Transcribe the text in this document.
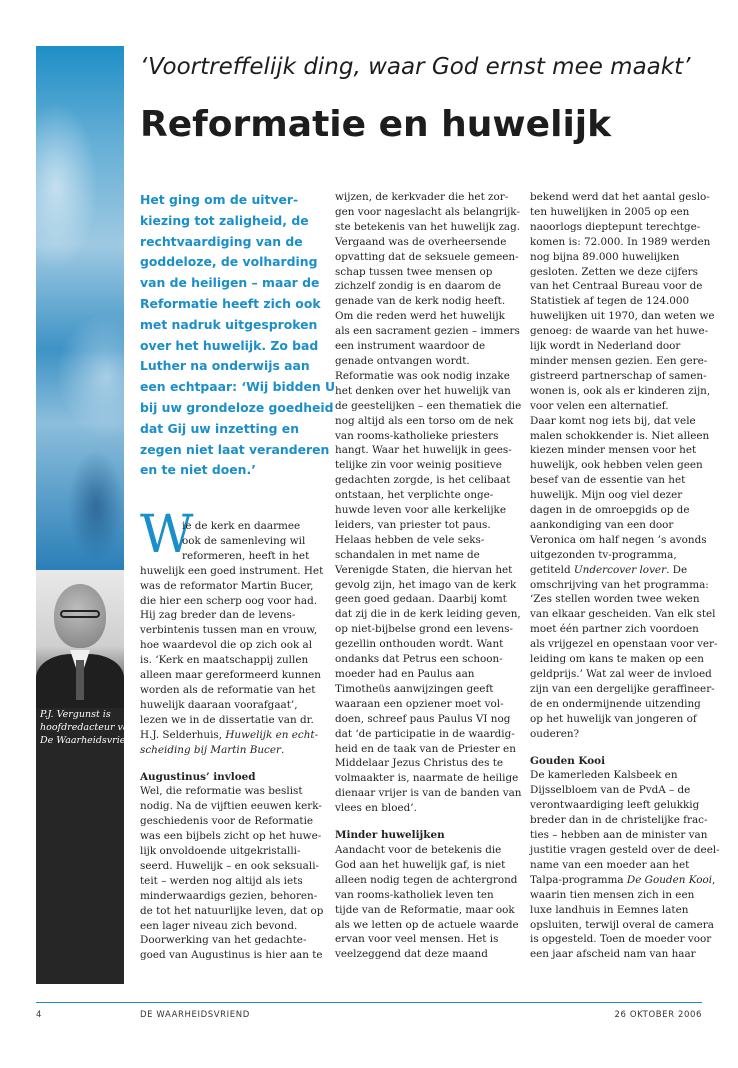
P.J. Vergunst is
hoofdredacteur van
De Waarheidsvriend.
‘Voortreffelijk ding, waar God ernst mee maakt’
Reformatie en huwelijk
Het ging om de uitver-
kiezing tot zaligheid, de
rechtvaardiging van de
goddeloze, de volharding
van de heiligen – maar de
Reformatie heeft zich ook
met nadruk uitgesproken
over het huwelijk. Zo bad
Luther na onderwijs aan
een echtpaar: ‘Wij bidden U
bij uw grondeloze goedheid
dat Gij uw inzetting en
zegen niet laat veranderen
en te niet doen.’
W
ie de kerk en daarmee
ook de samenleving wil
reformeren, heeft in het
huwelijk een goed instrument. Het
was de reformator Martin Bucer,
die hier een scherp oog voor had.
Hij zag breder dan de levens-
verbintenis tussen man en vrouw,
hoe waardevol die op zich ook al
is. ‘Kerk en maatschappij zullen
alleen maar gereformeerd kunnen
worden als de reformatie van het
huwelijk daaraan voorafgaat’,
lezen we in de dissertatie van dr.
H.J. Selderhuis, Huwelijk en echt-
scheiding bij Martin Bucer.
Augustinus’ invloed
Wel, die reformatie was beslist
nodig. Na de vijftien eeuwen kerk-
geschiedenis voor de Reformatie
was een bijbels zicht op het huwe-
lijk onvoldoende uitgekristalli-
seerd. Huwelijk – en ook seksuali-
teit – werden nog altijd als iets
minderwaardigs gezien, behoren-
de tot het natuurlijke leven, dat op
een lager niveau zich bevond.
Doorwerking van het gedachte-
goed van Augustinus is hier aan te
wijzen, de kerkvader die het zor-
gen voor nageslacht als belangrijk-
ste betekenis van het huwelijk zag.
Vergaand was de overheersende
opvatting dat de seksuele gemeen-
schap tussen twee mensen op
zichzelf zondig is en daarom de
genade van de kerk nodig heeft.
Om die reden werd het huwelijk
als een sacrament gezien – immers
een instrument waardoor de
genade ontvangen wordt.
Reformatie was ook nodig inzake
het denken over het huwelijk van
de geestelijken – een thematiek die
nog altijd als een torso om de nek
van rooms-katholieke priesters
hangt. Waar het huwelijk in gees-
telijke zin voor weinig positieve
gedachten zorgde, is het celibaat
ontstaan, het verplichte onge-
huwde leven voor alle kerkelijke
leiders, van priester tot paus.
Helaas hebben de vele seks-
schandalen in met name de
Verenigde Staten, die hiervan het
gevolg zijn, het imago van de kerk
geen goed gedaan. Daarbij komt
dat zij die in de kerk leiding geven,
op niet-bijbelse grond een levens-
gezellin onthouden wordt. Want
ondanks dat Petrus een schoon-
moeder had en Paulus aan
Timotheüs aanwijzingen geeft
waaraan een opziener moet vol-
doen, schreef paus Paulus VI nog
dat ‘de participatie in de waardig-
heid en de taak van de Priester en
Middelaar Jezus Christus des te
volmaakter is, naarmate de heilige
dienaar vrijer is van de banden van
vlees en bloed’.
Minder huwelijken
Aandacht voor de betekenis die
God aan het huwelijk gaf, is niet
alleen nodig tegen de achtergrond
van rooms-katholiek leven ten
tijde van de Reformatie, maar ook
als we letten op de actuele waarde
ervan voor veel mensen. Het is
veelzeggend dat deze maand
bekend werd dat het aantal geslo-
ten huwelijken in 2005 op een
naoorlogs dieptepunt terechtge-
komen is: 72.000. In 1989 werden
nog bijna 89.000 huwelijken
gesloten. Zetten we deze cijfers
van het Centraal Bureau voor de
Statistiek af tegen de 124.000
huwelijken uit 1970, dan weten we
genoeg: de waarde van het huwe-
lijk wordt in Nederland door
minder mensen gezien. Een gere-
gistreerd partnerschap of samen-
wonen is, ook als er kinderen zijn,
voor velen een alternatief.
Daar komt nog iets bij, dat vele
malen schokkender is. Niet alleen
kiezen minder mensen voor het
huwelijk, ook hebben velen geen
besef van de essentie van het
huwelijk. Mijn oog viel dezer
dagen in de omroepgids op de
aankondiging van een door
Veronica om half negen ’s avonds
uitgezonden tv-programma,
getiteld Undercover lover. De
omschrijving van het programma:
‘Zes stellen worden twee weken
van elkaar gescheiden. Van elk stel
moet één partner zich voordoen
als vrijgezel en openstaan voor ver-
leiding om kans te maken op een
geldprijs.’ Wat zal weer de invloed
zijn van een dergelijke geraffineer-
de en ondermijnende uitzending
op het huwelijk van jongeren of
ouderen?
Gouden Kooi
De kamerleden Kalsbeek en
Dijsselbloem van de PvdA – de
verontwaardiging leeft gelukkig
breder dan in de christelijke frac-
ties – hebben aan de minister van
justitie vragen gesteld over de deel-
name van een moeder aan het
Talpa-programma De Gouden Kooi,
waarin tien mensen zich in een
luxe landhuis in Eemnes laten
opsluiten, terwijl overal de camera
is opgesteld. Toen de moeder voor
een jaar afscheid nam van haar
4	DE WAARHEIDSVRIEND	26 OKTOBER 2006
